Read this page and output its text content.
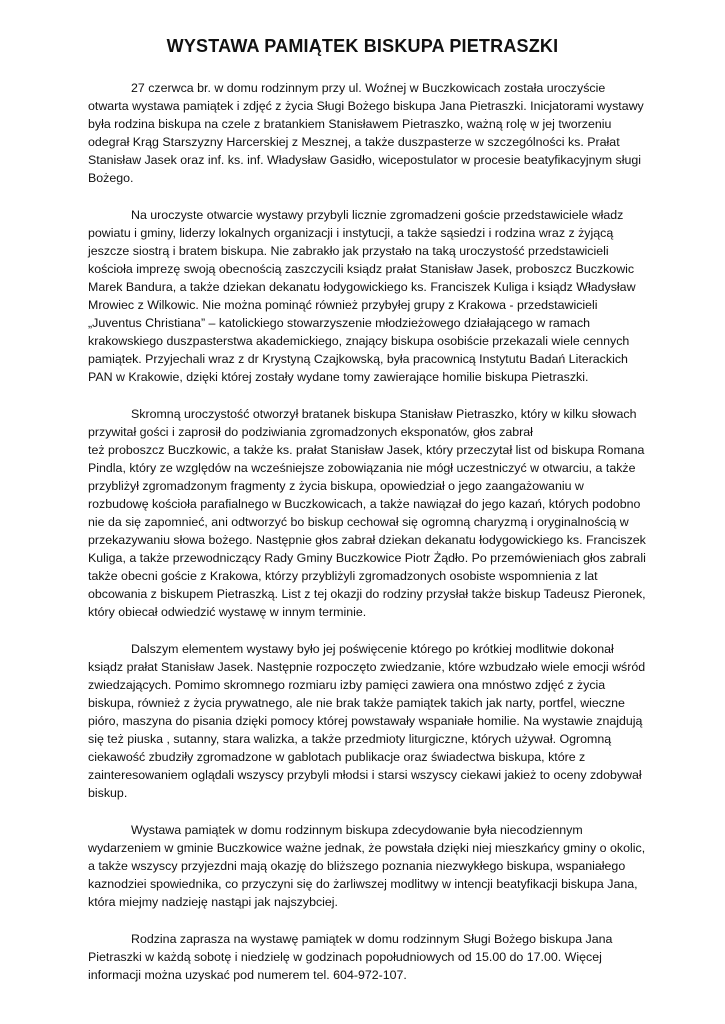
WYSTAWA PAMIĄTEK BISKUPA PIETRASZKI

27 czerwca br. w domu rodzinnym przy ul. Woźnej w Buczkowicach została uroczyście
otwarta wystawa pamiątek i zdjęć z życia Sługi Bożego biskupa Jana Pietraszki. Inicjatorami wystawy
była rodzina biskupa na czele z bratankiem Stanisławem Pietraszko, ważną rolę w jej tworzeniu
odegrał Krąg Starszyzny Harcerskiej z Mesznej, a także duszpasterze w szczególności ks. Prałat
Stanisław Jasek oraz inf. ks. inf. Władysław Gasidło, wicepostulator w procesie beatyfikacyjnym sługi
Bożego.

Na uroczyste otwarcie wystawy przybyli licznie zgromadzeni goście przedstawiciele władz
powiatu i gminy, liderzy lokalnych organizacji i instytucji, a także sąsiedzi i rodzina wraz z żyjącą
jeszcze siostrą i bratem biskupa. Nie zabrakło jak przystało na taką uroczystość przedstawicieli
kościoła imprezę swoją obecnością zaszczycili ksiądz prałat Stanisław Jasek, proboszcz Buczkowic
Marek Bandura, a także dziekan dekanatu łodygowickiego ks. Franciszek Kuliga i ksiądz Władysław
Mrowiec z Wilkowic. Nie można pominąć również przybyłej grupy z Krakowa - przedstawicieli
„Juventus Christiana” – katolickiego stowarzyszenie młodzieżowego działającego w ramach
krakowskiego duszpasterstwa akademickiego, znający biskupa osobiście przekazali wiele cennych
pamiątek. Przyjechali wraz z dr Krystyną Czajkowską, była pracownicą Instytutu Badań Literackich
PAN w Krakowie, dzięki której zostały wydane tomy zawierające homilie biskupa Pietraszki.

Skromną uroczystość otworzył bratanek biskupa Stanisław Pietraszko, który w kilku słowach
przywitał gości i zaprosił do podziwiania zgromadzonych eksponatów, głos zabrał
też proboszcz Buczkowic, a także ks. prałat Stanisław Jasek, który przeczytał list od biskupa Romana
Pindla, który ze względów na wcześniejsze zobowiązania nie mógł uczestniczyć w otwarciu, a także
przybliżył zgromadzonym fragmenty z życia biskupa, opowiedział o jego zaangażowaniu w
rozbudowę kościoła parafialnego w Buczkowicach, a także nawiązał do jego kazań, których podobno
nie da się zapomnieć, ani odtworzyć bo biskup cechował się ogromną charyzmą i oryginalnością w
przekazywaniu słowa bożego. Następnie głos zabrał dziekan dekanatu łodygowickiego ks. Franciszek
Kuliga, a także przewodniczący Rady Gminy Buczkowice Piotr Żądło. Po przemówieniach głos zabrali
także obecni goście z Krakowa, którzy przybliżyli zgromadzonych osobiste wspomnienia z lat
obcowania z biskupem Pietraszką. List z tej okazji do rodziny przysłał także biskup Tadeusz Pieronek,
który obiecał odwiedzić wystawę w innym terminie.

Dalszym elementem wystawy było jej poświęcenie którego po krótkiej modlitwie dokonał
ksiądz prałat Stanisław Jasek. Następnie rozpoczęto zwiedzanie, które wzbudzało wiele emocji wśród
zwiedzających. Pomimo skromnego rozmiaru izby pamięci zawiera ona mnóstwo zdjęć z życia
biskupa, również z życia prywatnego, ale nie brak także pamiątek takich jak narty, portfel, wieczne
pióro, maszyna do pisania dzięki pomocy której powstawały wspaniałe homilie. Na wystawie znajdują
się też piuska , sutanny, stara walizka, a także przedmioty liturgiczne, których używał. Ogromną
ciekawość zbudziły zgromadzone w gablotach publikacje oraz świadectwa biskupa, które z
zainteresowaniem oglądali wszyscy przybyli młodsi i starsi wszyscy ciekawi jakież to oceny zdobywał
biskup.

Wystawa pamiątek w domu rodzinnym biskupa zdecydowanie była niecodziennym
wydarzeniem w gminie Buczkowice ważne jednak, że powstała dzięki niej mieszkańcy gminy o okolic,
a także wszyscy przyjezdni mają okazję do bliższego poznania niezwykłego biskupa, wspaniałego
kaznodziei spowiednika, co przyczyni się do żarliwszej modlitwy w intencji beatyfikacji biskupa Jana,
która miejmy nadzieję nastąpi jak najszybciej.

Rodzina zaprasza na wystawę pamiątek w domu rodzinnym Sługi Bożego biskupa Jana
Pietraszki w każdą sobotę i niedzielę w godzinach popołudniowych od 15.00 do 17.00. Więcej
informacji można uzyskać pod numerem tel. 604-972-107.
